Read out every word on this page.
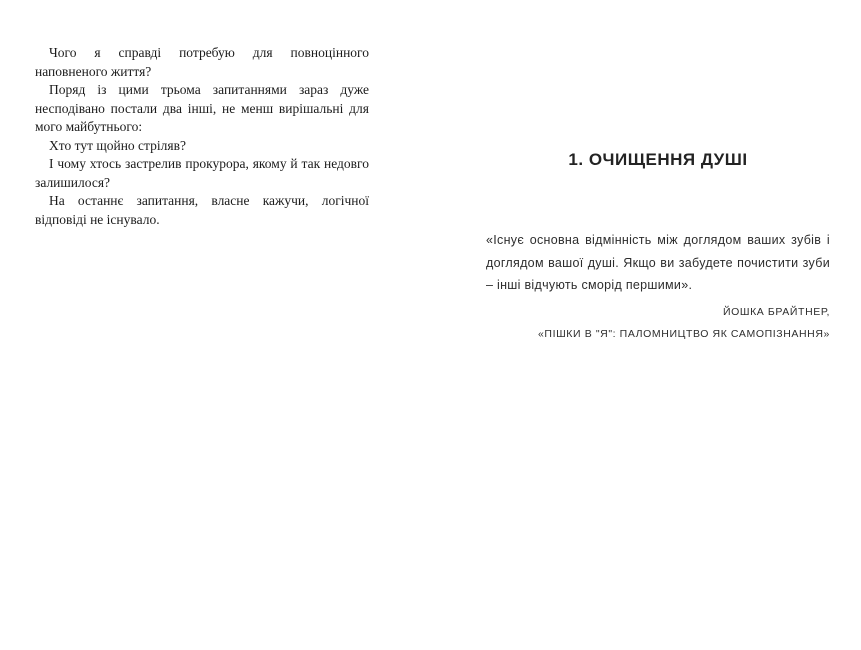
Чого я справді потребую для повноцінного наповненого життя?

Поряд із цими трьома запитаннями зараз дуже несподівано постали два інші, не менш вирішальні для мого майбутнього:

Хто тут щойно стріляв?

І чому хтось застрелив прокурора, якому й так недовго залишилося?

На останнє запитання, власне кажучи, логічної відповіді не існувало.

1. ОЧИЩЕННЯ ДУШІ

«Існує основна відмінність між доглядом ваших зубів і доглядом вашої душі. Якщо ви забудете почистити зуби – інші відчують сморід першими».

ЙОШКА БРАЙТНЕР,
«ПІШКИ В "Я": ПАЛОМНИЦТВО ЯК САМОПІЗНАННЯ»
